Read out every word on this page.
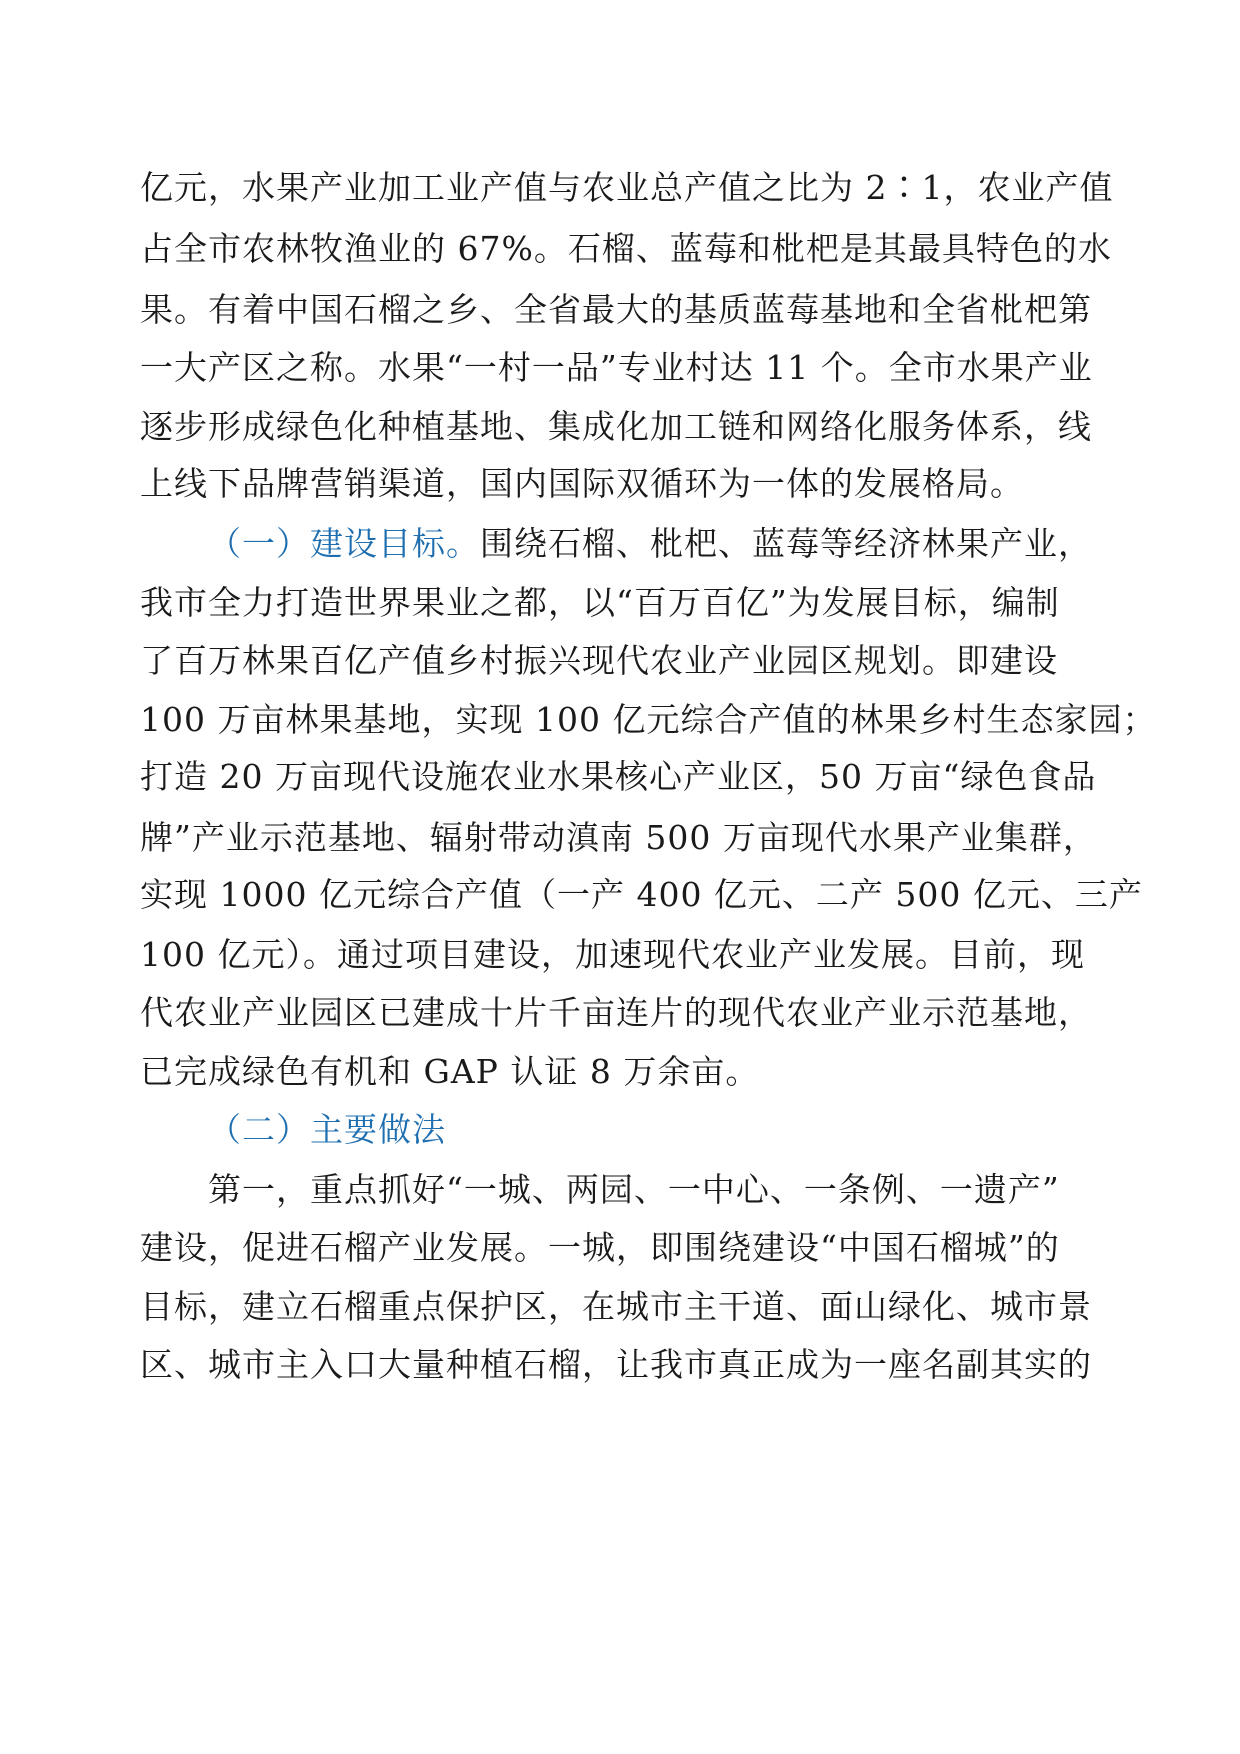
亿元，水果产业加工业产值与农业总产值之比为 2∶1，农业产值
占全市农林牧渔业的 67%。石榴、蓝莓和枇杷是其最具特色的水
果。有着中国石榴之乡、全省最大的基质蓝莓基地和全省枇杷第
一大产区之称。水果“一村一品”专业村达 11 个。全市水果产业
逐步形成绿色化种植基地、集成化加工链和网络化服务体系，线
上线下品牌营销渠道，国内国际双循环为一体的发展格局。
（一）建设目标。围绕石榴、枇杷、蓝莓等经济林果产业，
我市全力打造世界果业之都，以“百万百亿”为发展目标，编制
了百万林果百亿产值乡村振兴现代农业产业园区规划。即建设
100 万亩林果基地，实现 100 亿元综合产值的林果乡村生态家园；
打造 20 万亩现代设施农业水果核心产业区，50 万亩“绿色食品
牌”产业示范基地、辐射带动滇南 500 万亩现代水果产业集群，
实现 1000 亿元综合产值（一产 400 亿元、二产 500 亿元、三产
100 亿元）。通过项目建设，加速现代农业产业发展。目前，现
代农业产业园区已建成十片千亩连片的现代农业产业示范基地，
已完成绿色有机和 GAP 认证 8 万余亩。
（二）主要做法
第一，重点抓好“一城、两园、一中心、一条例、一遗产”
建设，促进石榴产业发展。一城，即围绕建设“中国石榴城”的
目标，建立石榴重点保护区，在城市主干道、面山绿化、城市景
区、城市主入口大量种植石榴，让我市真正成为一座名副其实的
